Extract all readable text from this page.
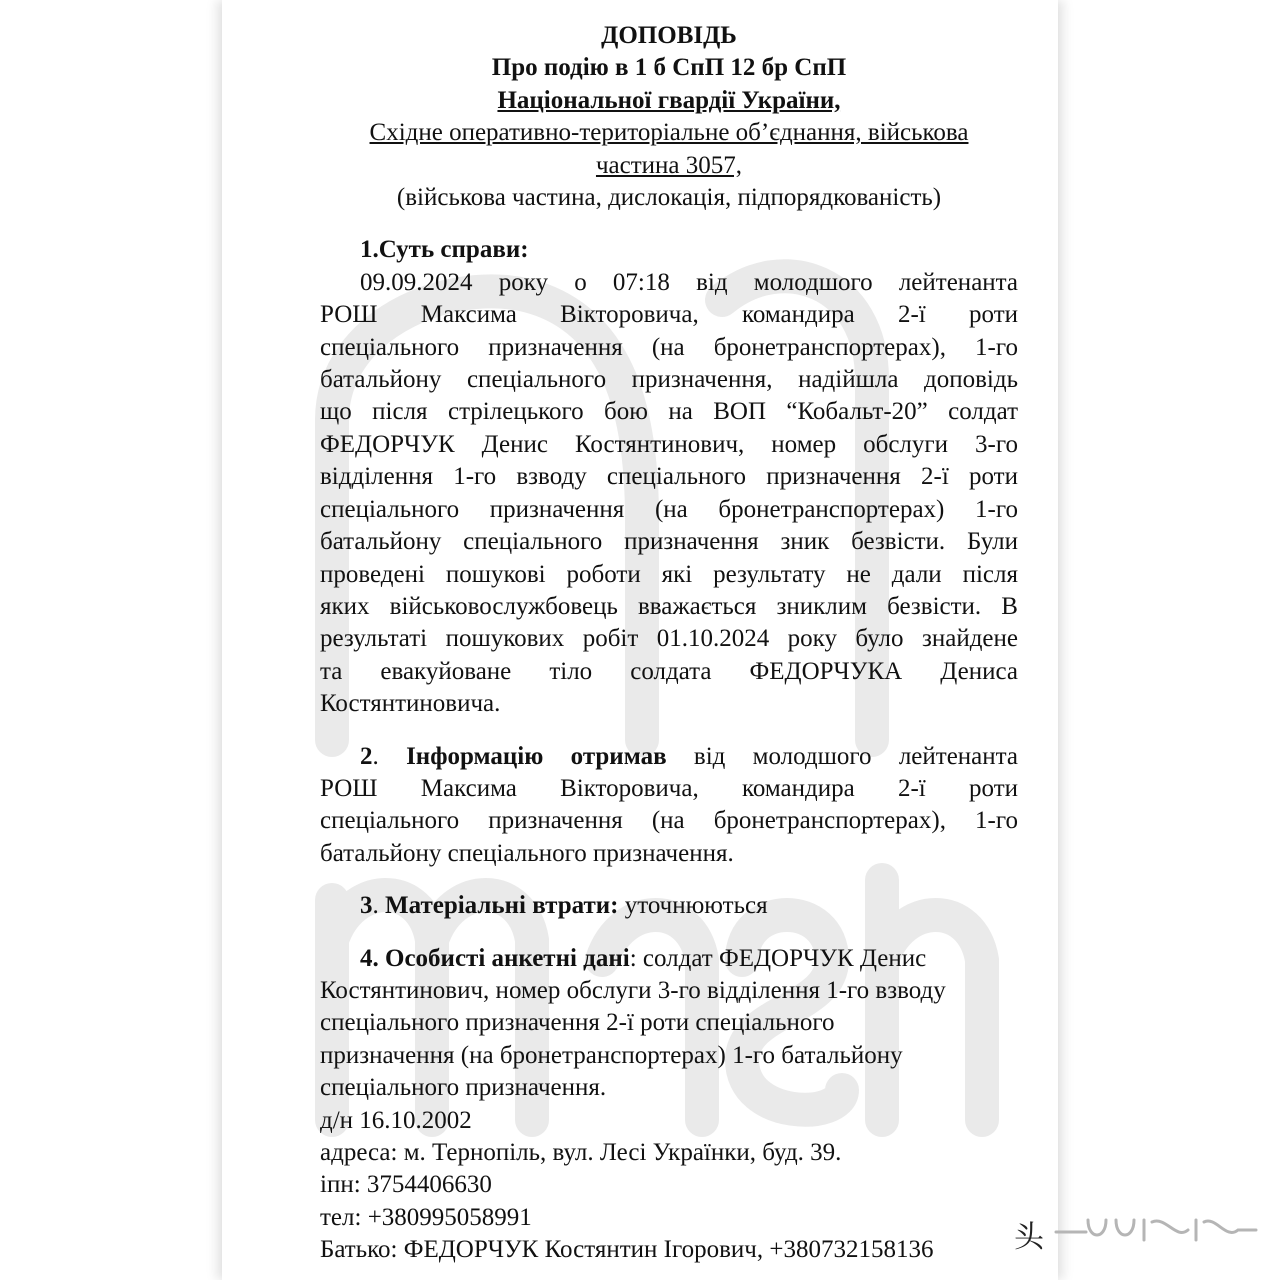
ДОПОВІДЬ
Про подію в 1 б СпП 12 бр СпП
Національної гвардії України,
Східне оперативно-територіальне об’єднання, військова
частина 3057,
(військова частина, дислокація, підпорядкованість)
1.Суть справи:
09.09.2024 року о 07:18 від молодшого лейтенанта
РОШ Максима Вікторовича, командира 2-ї роти
спеціального призначення (на бронетранспортерах), 1-го
батальйону спеціального призначення, надійшла доповідь
що після стрілецького бою на ВОП “Кобальт-20” солдат
ФЕДОРЧУК Денис Костянтинович, номер обслуги 3-го
відділення 1-го взводу спеціального призначення 2-ї роти
спеціального призначення (на бронетранспортерах) 1-го
батальйону спеціального призначення зник безвісти. Були
проведені пошукові роботи які результату не дали після
яких військовослужбовець вважається зниклим безвісти. В
результаті пошукових робіт 01.10.2024 року було знайдене
та евакуйоване тіло солдата ФЕДОРЧУКА Дениса
Костянтиновича.
2. Інформацію отримав від молодшого лейтенанта
РОШ Максима Вікторовича, командира 2-ї роти
спеціального призначення (на бронетранспортерах), 1-го
батальйону спеціального призначення.
3. Матеріальні втрати: уточнюються
4. Особисті анкетні дані: солдат ФЕДОРЧУК Денис
Костянтинович, номер обслуги 3-го відділення 1-го взводу
спеціального призначення 2-ї роти спеціального
призначення (на бронетранспортерах) 1-го батальйону
спеціального призначення.
д/н 16.10.2002
адреса: м. Тернопіль, вул. Лесі Українки, буд. 39.
іпн: 3754406630
тел: +380995058991
Батько: ФЕДОРЧУК Костянтин Ігорович, +380732158136	头
